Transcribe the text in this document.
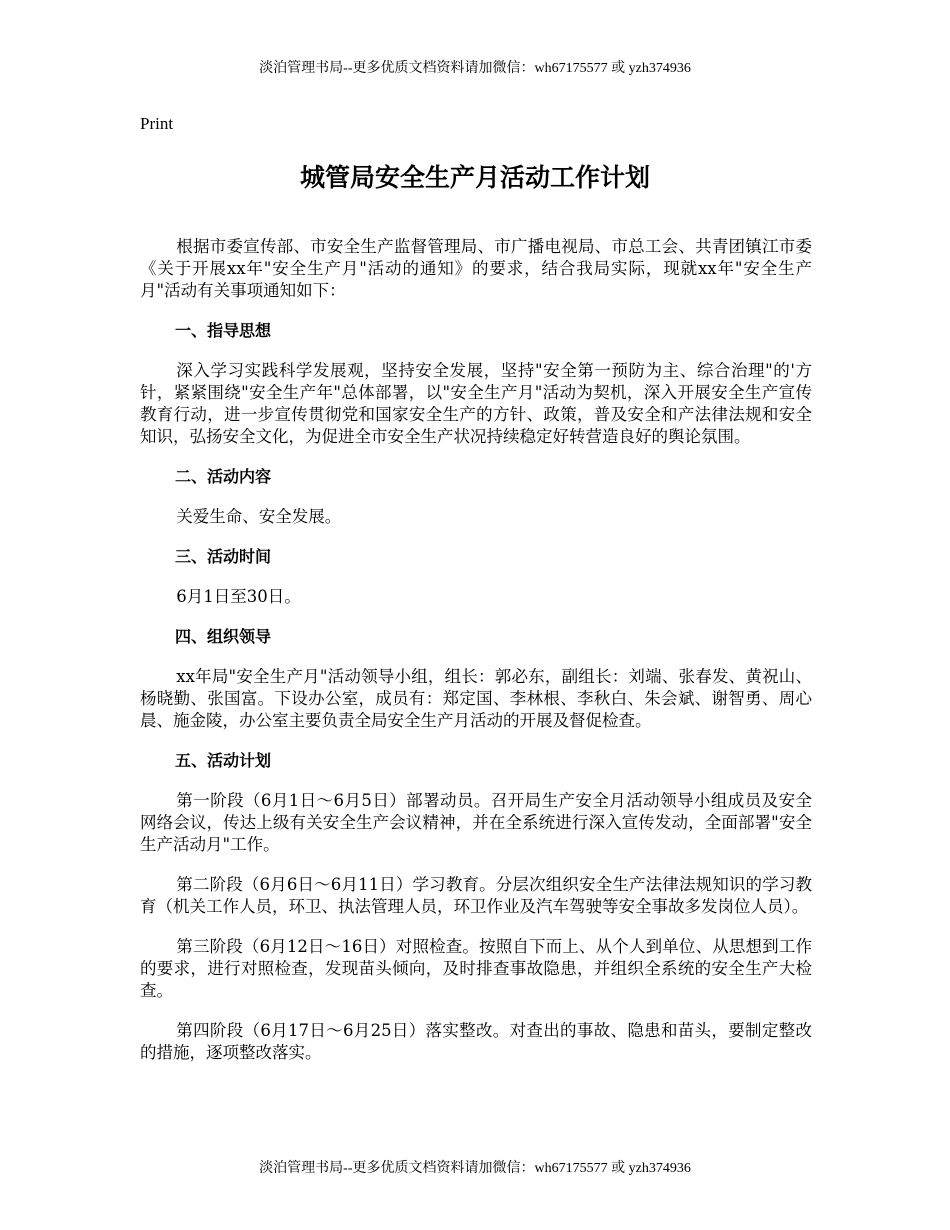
淡泊管理书局--更多优质文档资料请加微信：wh67175577 或 yzh374936
Print
城管局安全生产月活动工作计划

根据市委宣传部、市安全生产监督管理局、市广播电视局、市总工会、共青团镇江市委《关于开展xx年"安全生产月"活动的通知》的要求，结合我局实际，现就xx年"安全生产月"活动有关事项通知如下：

一、指导思想

深入学习实践科学发展观，坚持安全发展，坚持"安全第一预防为主、综合治理"的'方针，紧紧围绕"安全生产年"总体部署，以"安全生产月"活动为契机，深入开展安全生产宣传教育行动，进一步宣传贯彻党和国家安全生产的方针、政策，普及安全和产法律法规和安全知识，弘扬安全文化，为促进全市安全生产状况持续稳定好转营造良好的舆论氛围。

二、活动内容

关爱生命、安全发展。

三、活动时间

6月1日至30日。

四、组织领导

xx年局"安全生产月"活动领导小组，组长：郭必东，副组长：刘端、张春发、黄祝山、杨晓勤、张国富。下设办公室，成员有：郑定国、李林根、李秋白、朱会斌、谢智勇、周心晨、施金陵，办公室主要负责全局安全生产月活动的开展及督促检查。

五、活动计划

第一阶段（6月1日～6月5日）部署动员。召开局生产安全月活动领导小组成员及安全网络会议，传达上级有关安全生产会议精神，并在全系统进行深入宣传发动，全面部署"安全生产活动月"工作。

第二阶段（6月6日～6月11日）学习教育。分层次组织安全生产法律法规知识的学习教育（机关工作人员，环卫、执法管理人员，环卫作业及汽车驾驶等安全事故多发岗位人员）。

第三阶段（6月12日～16日）对照检查。按照自下而上、从个人到单位、从思想到工作的要求，进行对照检查，发现苗头倾向，及时排查事故隐患，并组织全系统的安全生产大检查。

第四阶段（6月17日～6月25日）落实整改。对查出的事故、隐患和苗头，要制定整改的措施，逐项整改落实。

淡泊管理书局--更多优质文档资料请加微信：wh67175577 或 yzh374936
